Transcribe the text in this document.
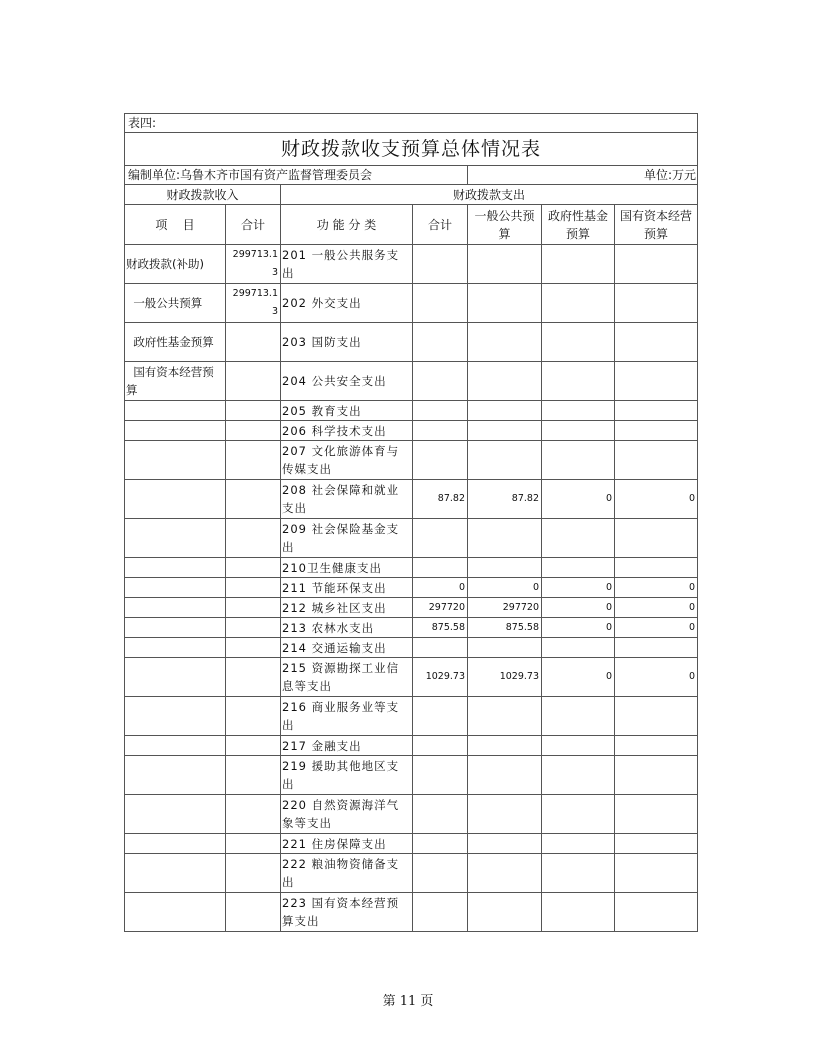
表四:						
财政拨款收支预算总体情况表						
编制单位:乌鲁木齐市国有资产监督管理委员会				单位:万元		
财政拨款收入		财政拨款支出				
项    目	合计	功 能 分 类	合计	一般公共预算	政府性基金预算	国有资本经营预算
财政拨款(补助)	299713.13	201 一般公共服务支出				
一般公共预算	299713.13	202 外交支出				
政府性基金预算		203 国防支出				
国有资本经营预算		204 公共安全支出				
		205 教育支出				
		206 科学技术支出				
		207 文化旅游体育与传媒支出				
		208 社会保障和就业支出	87.82	87.82	0	0
		209 社会保险基金支出				
		210卫生健康支出				
		211 节能环保支出	0	0	0	0
		212 城乡社区支出	297720	297720	0	0
		213 农林水支出	875.58	875.58	0	0
		214 交通运输支出				
		215 资源勘探工业信息等支出	1029.73	1029.73	0	0
		216 商业服务业等支出				
		217 金融支出				
		219 援助其他地区支出				
		220 自然资源海洋气象等支出				
		221 住房保障支出				
		222 粮油物资储备支出				
		223 国有资本经营预算支出				
第 11 页
